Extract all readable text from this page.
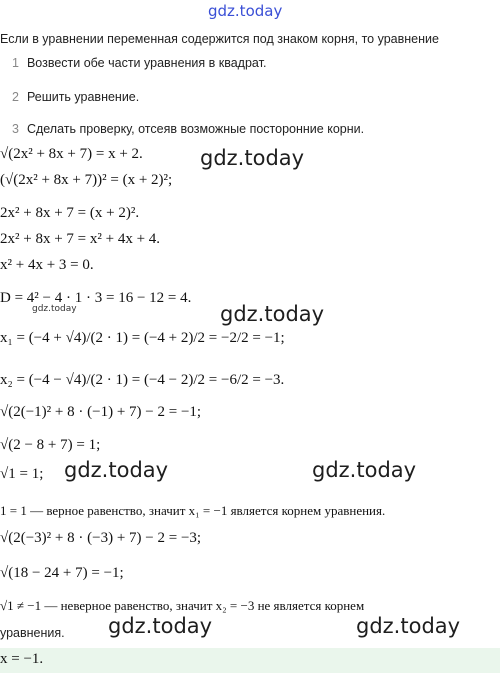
gdz.today
Если в уравнении переменная содержится под знаком корня, то уравнение
1 Возвести обе части уравнения в квадрат.
2 Решить уравнение.
3 Сделать проверку, отсеяв возможные посторонние корни.
√(2x² + 8x + 7) = x + 2.	gdz.today
(√(2x² + 8x + 7))² = (x + 2)²;
2x² + 8x + 7 = (x + 2)².
2x² + 8x + 7 = x² + 4x + 4.
x² + 4x + 3 = 0.
D = 4² − 4 · 1 · 3 = 16 − 12 = 4.
gdz.today	gdz.today
x₁ = (−4 + √4)/(2 · 1) = (−4 + 2)/2 = −2/2 = −1;
x₂ = (−4 − √4)/(2 · 1) = (−4 − 2)/2 = −6/2 = −3.
√(2(−1)² + 8 · (−1) + 7) − 2 = −1;
√(2 − 8 + 7) = 1;
√1 = 1; gdz.today	gdz.today
1 = 1 — верное равенство, значит x₁ = −1 является корнем уравнения.
√(2(−3)² + 8 · (−3) + 7) − 2 = −3;
√(18 − 24 + 7) = −1;
√1 ≠ −1 — неверное равенство, значит x₂ = −3 не является корнем
уравнения. gdz.today	gdz.today
x = −1.
